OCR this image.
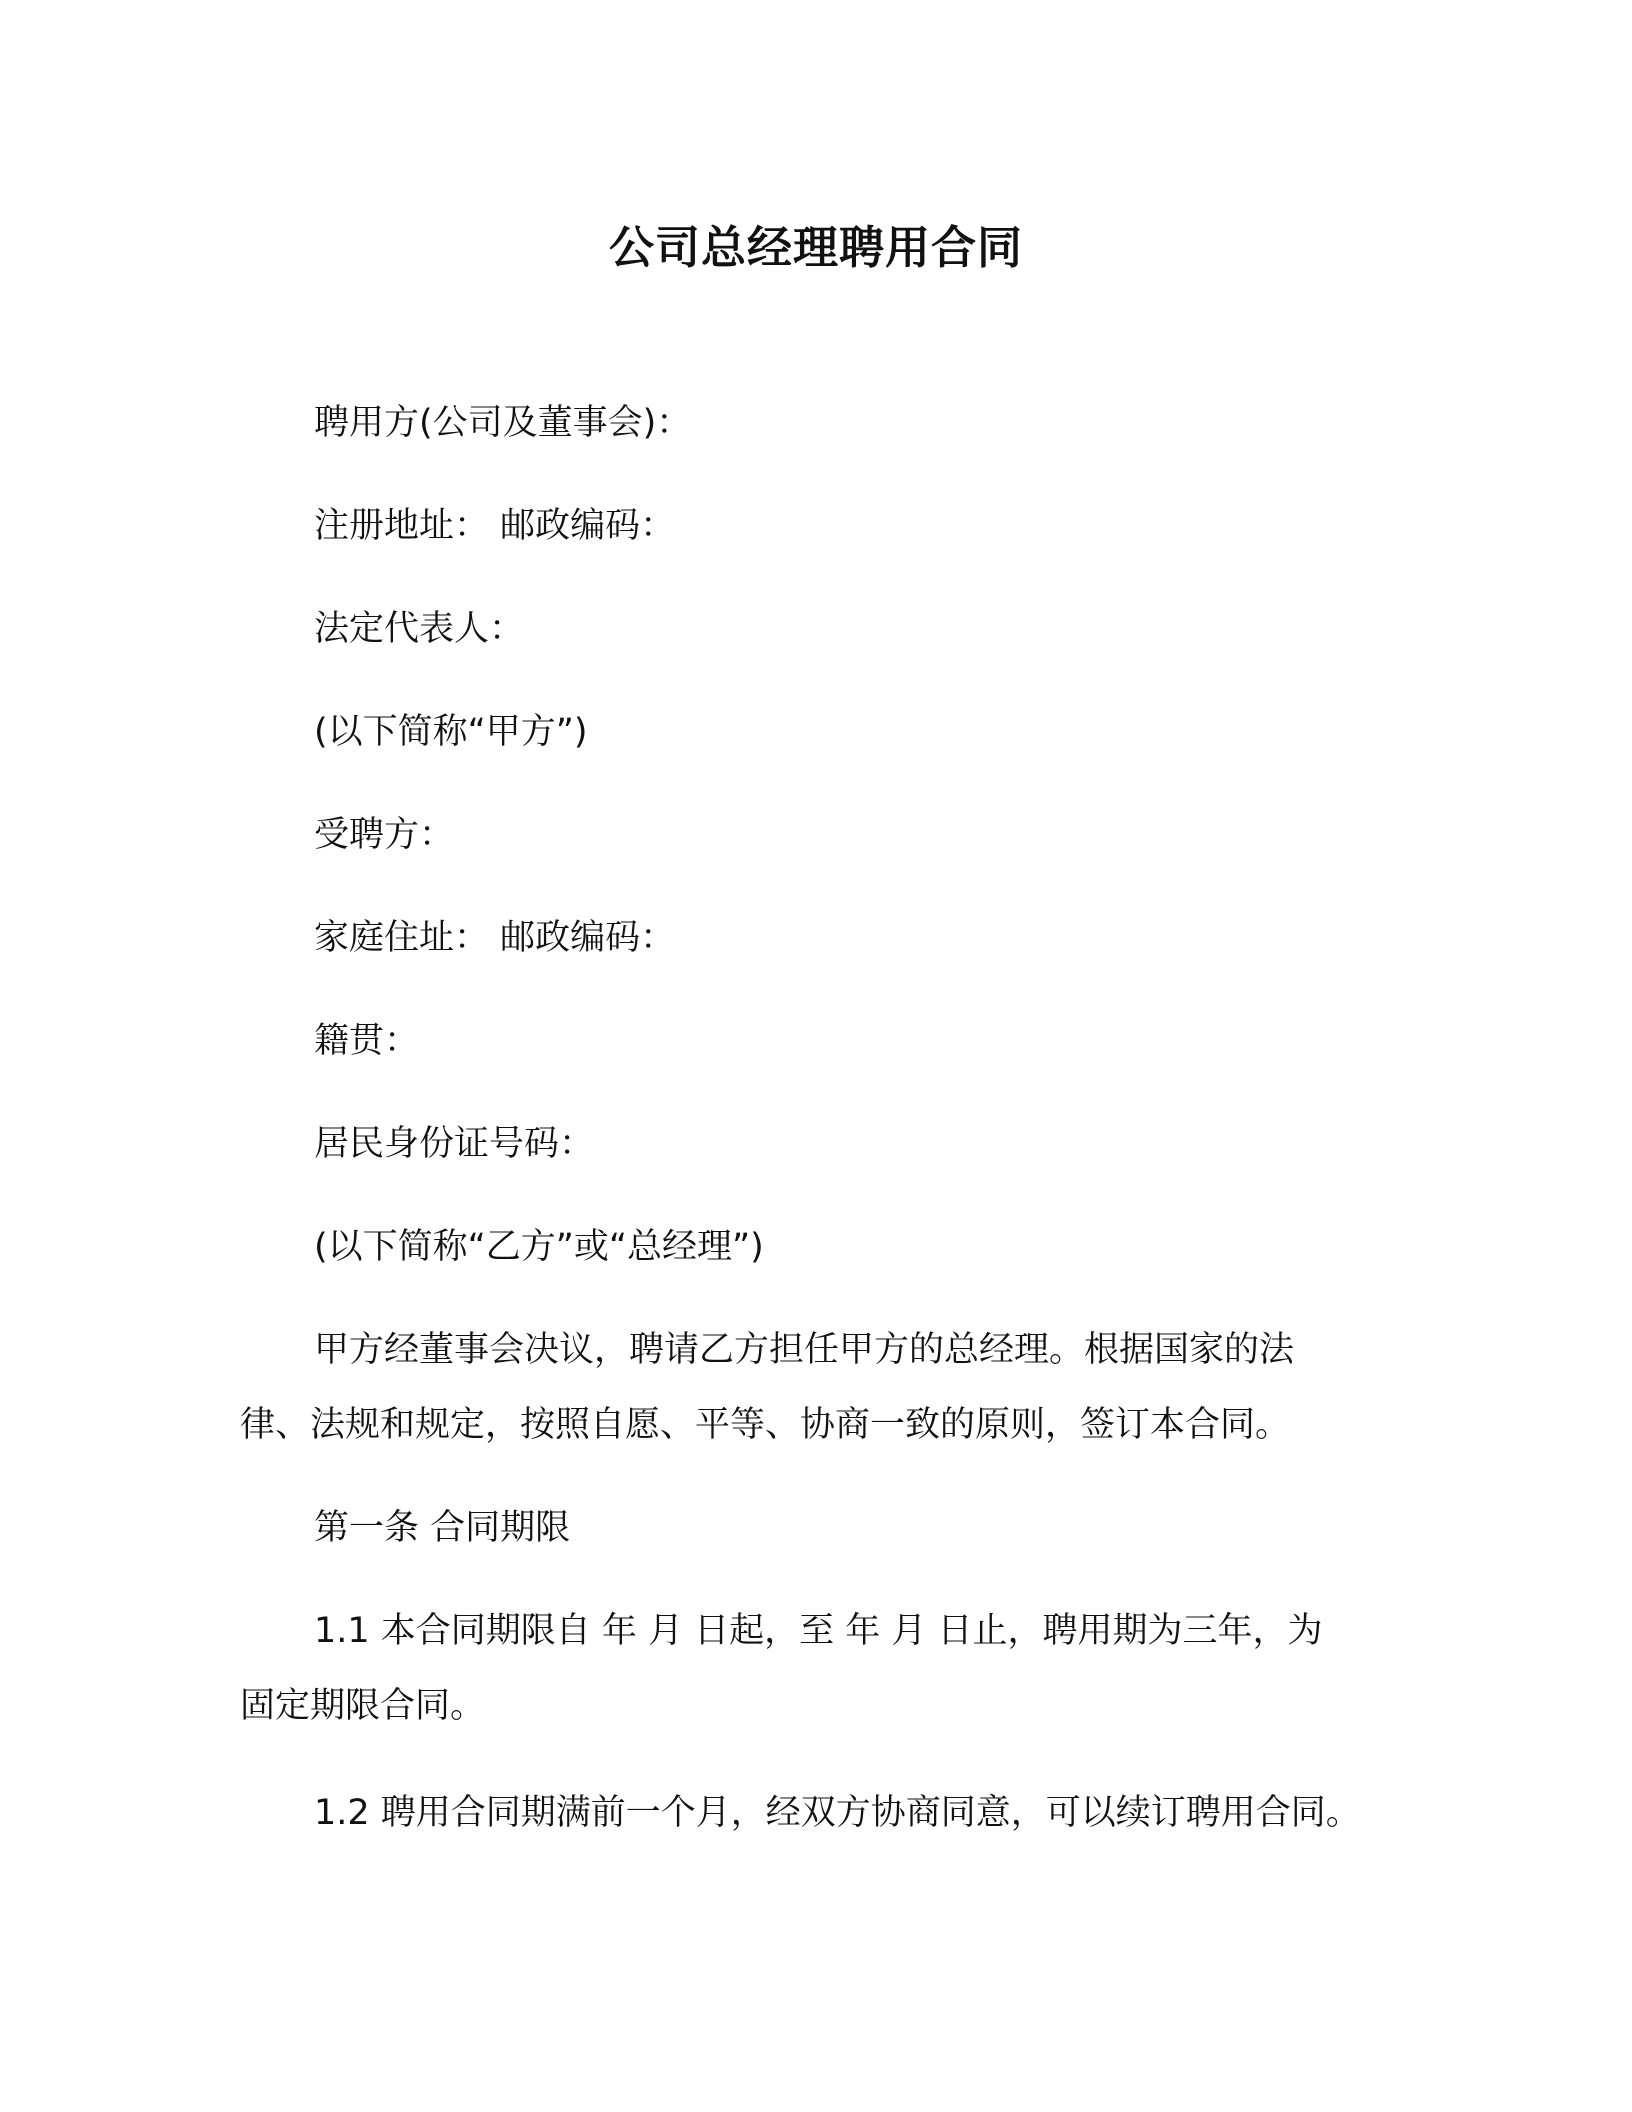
公司总经理聘用合同
聘用方(公司及董事会)：
注册地址： 邮政编码：
法定代表人：
(以下简称“甲方”)
受聘方：
家庭住址： 邮政编码：
籍贯：
居民身份证号码：
(以下简称“乙方”或“总经理”)
甲方经董事会决议，聘请乙方担任甲方的总经理。根据国家的法
律、法规和规定，按照自愿、平等、协商一致的原则，签订本合同。
第一条 合同期限
1.1 本合同期限自 年 月 日起，至 年 月 日止，聘用期为三年，为
固定期限合同。
1.2 聘用合同期满前一个月，经双方协商同意，可以续订聘用合同。
